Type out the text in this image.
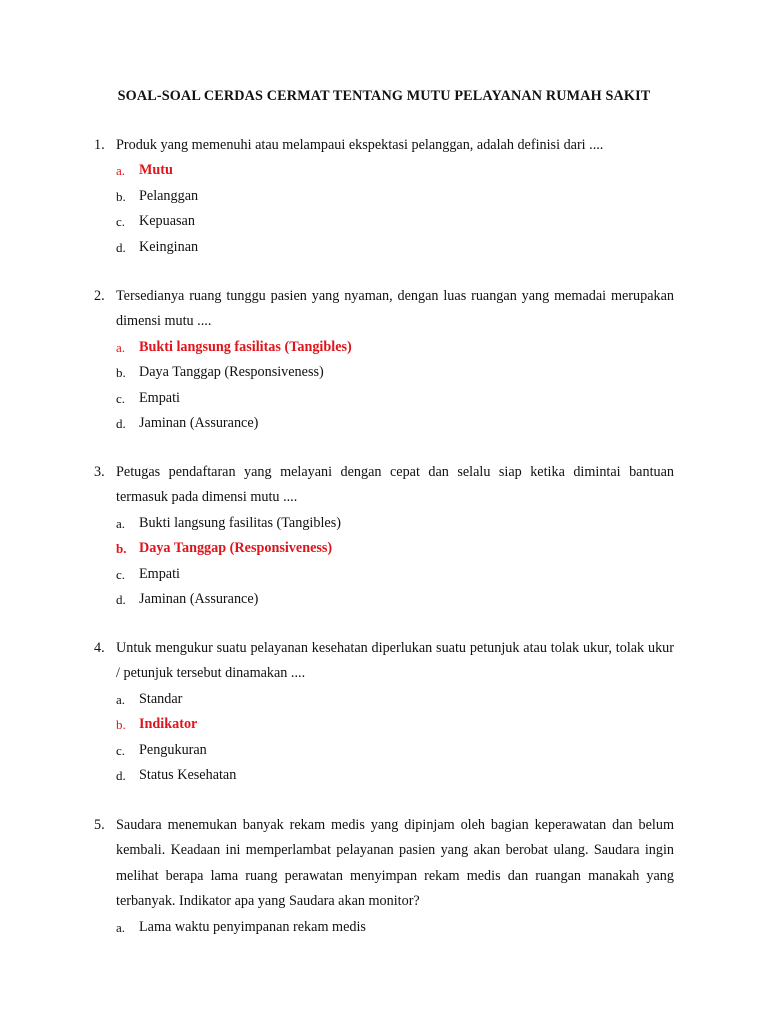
SOAL-SOAL CERDAS CERMAT TENTANG MUTU PELAYANAN RUMAH SAKIT
1. Produk yang memenuhi atau melampaui ekspektasi pelanggan, adalah definisi dari ....
a. Mutu
b. Pelanggan
c. Kepuasan
d. Keinginan
2. Tersedianya ruang tunggu pasien yang nyaman, dengan luas ruangan yang memadai merupakan dimensi mutu ....
a. Bukti langsung fasilitas (Tangibles)
b. Daya Tanggap (Responsiveness)
c. Empati
d. Jaminan (Assurance)
3. Petugas pendaftaran yang melayani dengan cepat dan selalu siap ketika dimintai bantuan termasuk pada dimensi mutu ....
a. Bukti langsung fasilitas (Tangibles)
b. Daya Tanggap (Responsiveness)
c. Empati
d. Jaminan (Assurance)
4. Untuk mengukur suatu pelayanan kesehatan diperlukan suatu petunjuk atau tolak ukur, tolak ukur / petunjuk tersebut dinamakan ....
a. Standar
b. Indikator
c. Pengukuran
d. Status Kesehatan
5. Saudara menemukan banyak rekam medis yang dipinjam oleh bagian keperawatan dan belum kembali. Keadaan ini memperlambat pelayanan pasien yang akan berobat ulang. Saudara ingin melihat berapa lama ruang perawatan menyimpan rekam medis dan ruangan manakah yang terbanyak. Indikator apa yang Saudara akan monitor?
a. Lama waktu penyimpanan rekam medis
